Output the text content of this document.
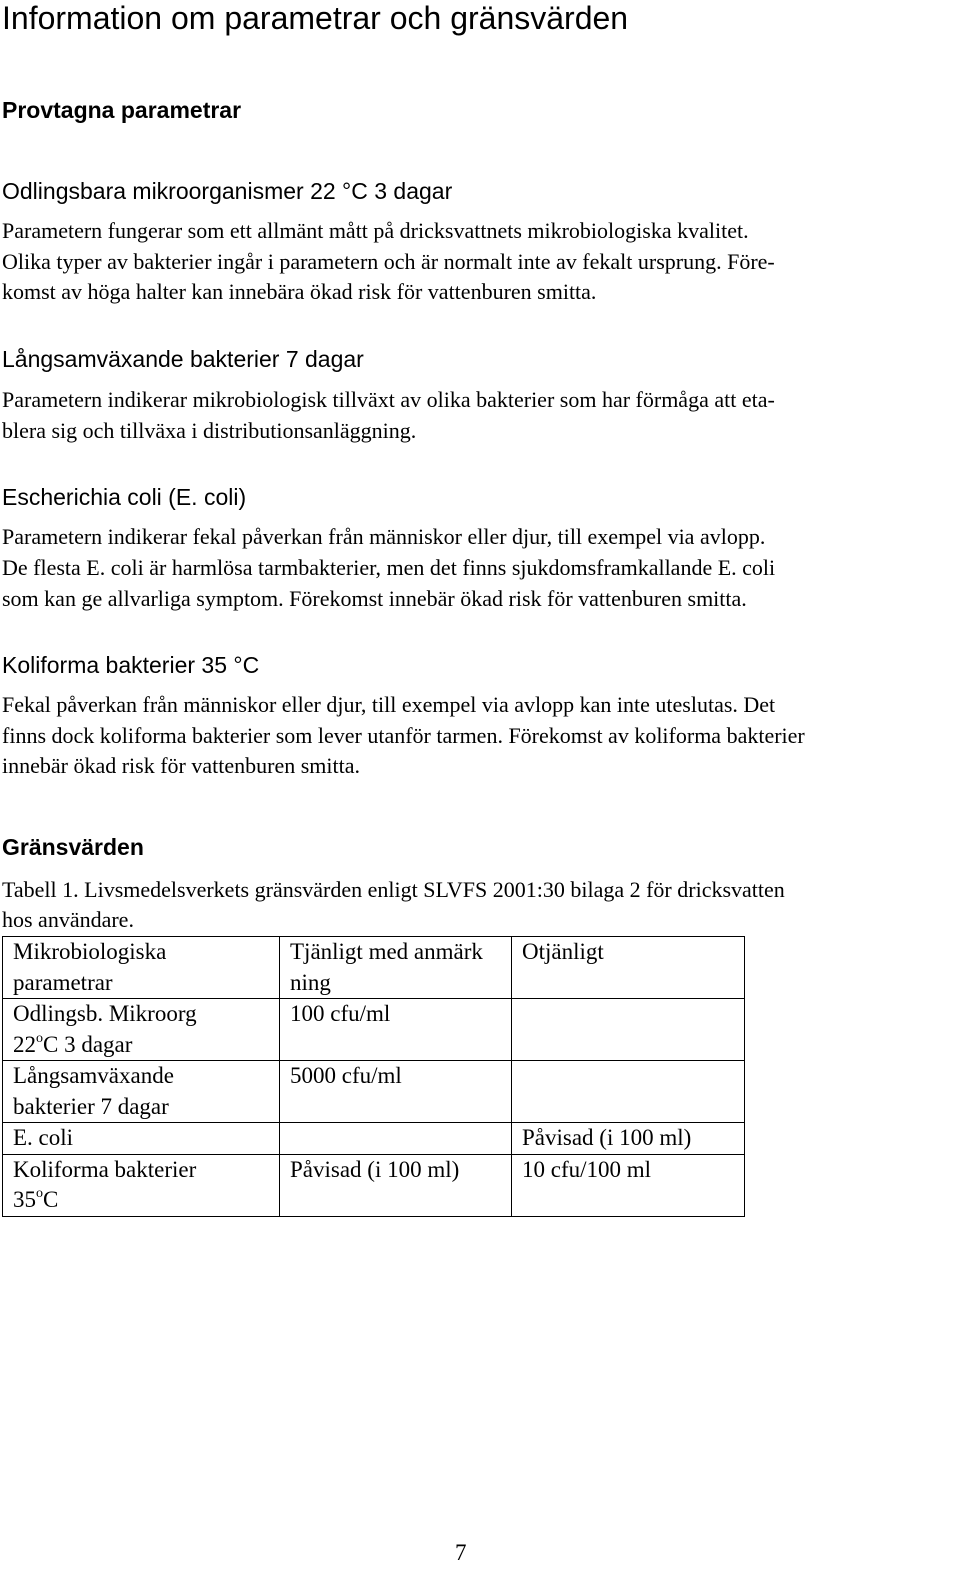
Information om parametrar och gränsvärden
Provtagna parametrar
Odlingsbara mikroorganismer 22 °C 3 dagar

Parametern fungerar som ett allmänt mått på dricksvattnets mikrobiologiska kvalitet.

Olika typer av bakterier ingår i parametern och är normalt inte av fekalt ursprung. Före-

komst av höga halter kan innebära ökad risk för vattenburen smitta.

Långsamväxande bakterier 7 dagar

Parametern indikerar mikrobiologisk tillväxt av olika bakterier som har förmåga att eta-

blera sig och tillväxa i distributionsanläggning.

Escherichia coli (E. coli)

Parametern indikerar fekal påverkan från människor eller djur, till exempel via avlopp.

De flesta E. coli är harmlösa tarmbakterier, men det finns sjukdomsframkallande E. coli

som kan ge allvarliga symptom. Förekomst innebär ökad risk för vattenburen smitta.

Koliforma bakterier 35 °C

Fekal påverkan från människor eller djur, till exempel via avlopp kan inte uteslutas. Det

finns dock koliforma bakterier som lever utanför tarmen. Förekomst av koliforma bakterier

innebär ökad risk för vattenburen smitta.

Gränsvärden

Tabell 1. Livsmedelsverkets gränsvärden enligt SLVFS 2001:30 bilaga 2 för dricksvatten

hos användare.

Mikrobiologiska
parametrar	Tjänligt med anmärk
ning	Otjänligt

Odlingsb. Mikroorg
22$^o$C 3 dagar	100 cfu/ml	

Långsamväxande
bakterier 7 dagar	5000 cfu/ml	

E. coli		Påvisad (i 100 ml)

Koliforma bakterier
35$^o$C	Påvisad (i 100 ml)	10 cfu/100 ml
7
